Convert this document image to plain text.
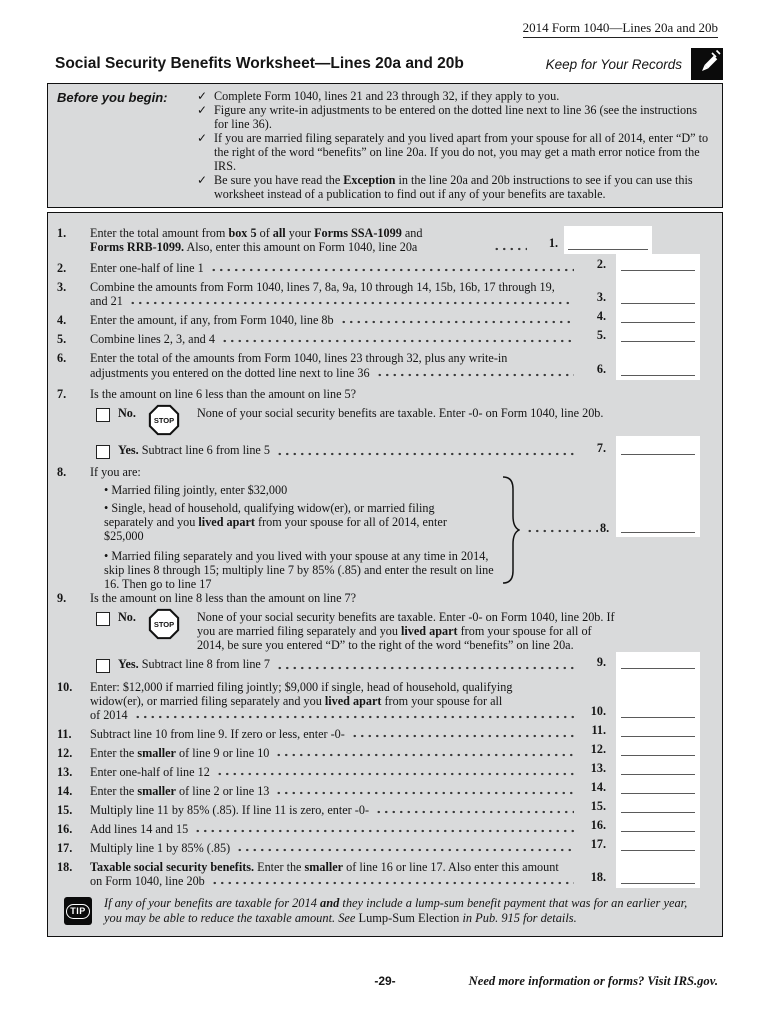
2014 Form 1040—Lines 20a and 20b
Social Security Benefits Worksheet—Lines 20a and 20b	Keep for Your Records
Before you begin:	✓ Complete Form 1040, lines 21 and 23 through 32, if they apply to you.
✓ Figure any write-in adjustments to be entered on the dotted line next to line 36 (see the instructions for line 36).
✓ If you are married filing separately and you lived apart from your spouse for all of 2014, enter “D” to the right of the word “benefits” on line 20a. If you do not, you may get a math error notice from the IRS.
✓ Be sure you have read the Exception in the line 20a and 20b instructions to see if you can use this worksheet instead of a publication to find out if any of your benefits are taxable.
1.	Enter the total amount from box 5 of all your Forms SSA-1099 and
Forms RRB-1099. Also, enter this amount on Form 1040, line 20a	1.
2.	Enter one-half of line 1	2.
3.	Combine the amounts from Form 1040, lines 7, 8a, 9a, 10 through 14, 15b, 16b, 17 through 19,
and 21	3.
4.	Enter the amount, if any, from Form 1040, line 8b	4.
5.	Combine lines 2, 3, and 4	5.
6.	Enter the total of the amounts from Form 1040, lines 23 through 32, plus any write-in
adjustments you entered on the dotted line next to line 36	6.
7.	Is the amount on line 6 less than the amount on line 5?
No.
STOP
None of your social security benefits are taxable. Enter -0- on Form 1040, line 20b.
Yes. Subtract line 6 from line 5	7.
8. If you are:
• Married filing jointly, enter $32,000
• Single, head of household, qualifying widow(er), or married filing separately and you lived apart from your spouse for all of 2014, enter $25,000
• Married filing separately and you lived with your spouse at any time in 2014, skip lines 8 through 15; multiply line 7 by 85% (.85) and enter the result on line 16. Then go to line 17
8.
9.	Is the amount on line 8 less than the amount on line 7?
No.
STOP
None of your social security benefits are taxable. Enter -0- on Form 1040, line 20b. If you are married filing separately and you lived apart from your spouse for all of 2014, be sure you entered “D” to the right of the word “benefits” on line 20a.
Yes. Subtract line 8 from line 7	9.
10.	Enter: $12,000 if married filing jointly; $9,000 if single, head of household, qualifying
widow(er), or married filing separately and you lived apart from your spouse for all
of 2014	10.
11.	Subtract line 10 from line 9. If zero or less, enter -0-	11.
12.	Enter the smaller of line 9 or line 10	12.
13.	Enter one-half of line 12	13.
14.	Enter the smaller of line 2 or line 13	14.
15.	Multiply line 11 by 85% (.85). If line 11 is zero, enter -0-	15.
16.	Add lines 14 and 15	16.
17.	Multiply line 1 by 85% (.85)	17.
18.	Taxable social security benefits. Enter the smaller of line 16 or line 17. Also enter this amount
on Form 1040, line 20b	18.
TIP
If any of your benefits are taxable for 2014 and they include a lump-sum benefit payment that was for an earlier year, you may be able to reduce the taxable amount. See Lump-Sum Election in Pub. 915 for details.
-29-	Need more information or forms? Visit IRS.gov.
